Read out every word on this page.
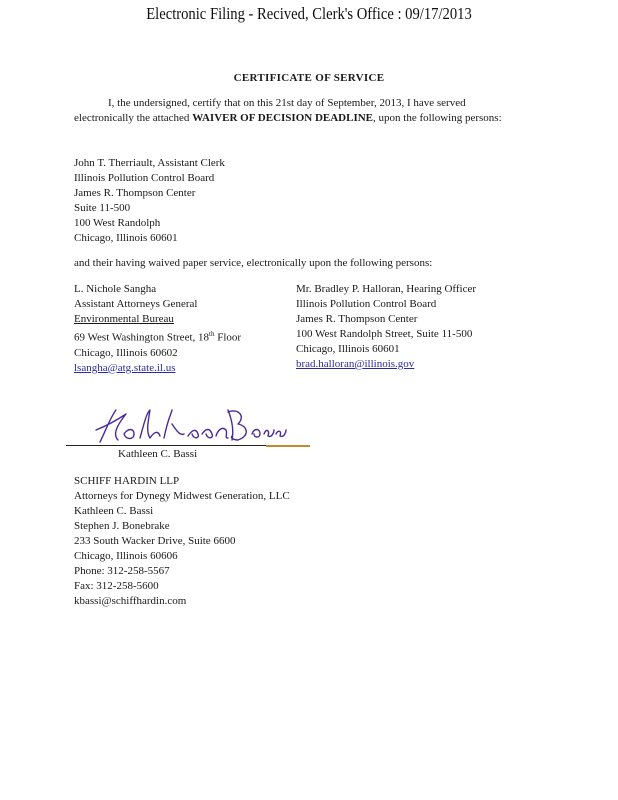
Electronic Filing - Recived, Clerk's Office : 09/17/2013
CERTIFICATE OF SERVICE
I, the undersigned, certify that on this 21st day of September, 2013, I have served electronically the attached WAIVER OF DECISION DEADLINE, upon the following persons:
John T. Therriault, Assistant Clerk
Illinois Pollution Control Board
James R. Thompson Center
Suite 11-500
100 West Randolph
Chicago, Illinois 60601
and their having waived paper service, electronically upon the following persons:
L. Nichole Sangha
Assistant Attorneys General
Environmental Bureau
69 West Washington Street, 18th Floor
Chicago, Illinois 60602
lsangha@atg.state.il.us
Mr. Bradley P. Halloran, Hearing Officer
Illinois Pollution Control Board
James R. Thompson Center
100 West Randolph Street, Suite 11-500
Chicago, Illinois 60601
brad.halloran@illinois.gov
Kathleen C. Bassi
SCHIFF HARDIN LLP
Attorneys for Dynegy Midwest Generation, LLC
Kathleen C. Bassi
Stephen J. Bonebrake
233 South Wacker Drive, Suite 6600
Chicago, Illinois 60606
Phone: 312-258-5567
Fax: 312-258-5600
kbassi@schiffhardin.com
